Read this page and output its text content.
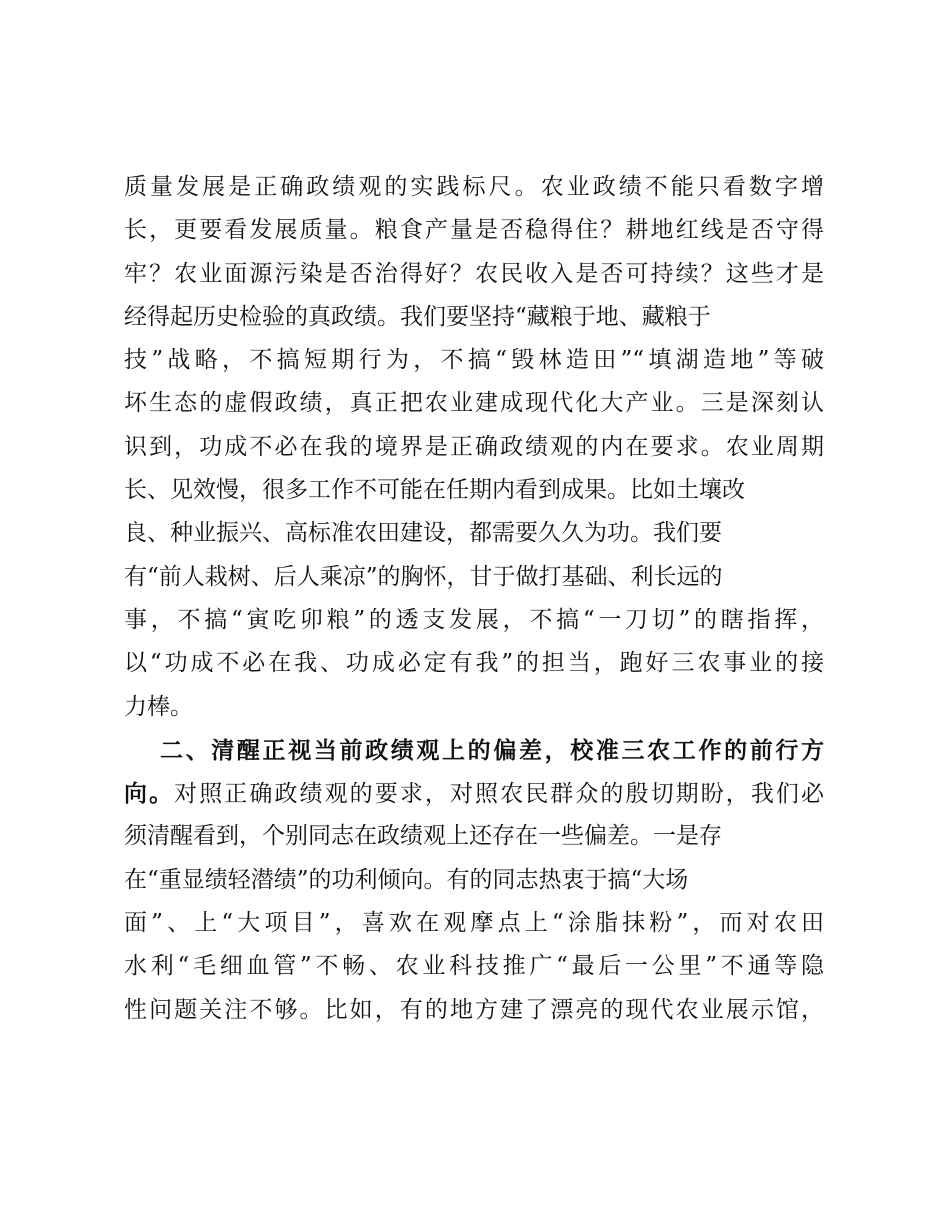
质量发展是正确政绩观的实践标尺。农业政绩不能只看数字增
长，更要看发展质量。粮食产量是否稳得住？耕地红线是否守得
牢？农业面源污染是否治得好？农民收入是否可持续？这些才是
经得起历史检验的真政绩。我们要坚持“藏粮于地、藏粮于
技”战略，不搞短期行为，不搞“毁林造田”“填湖造地”等破
坏生态的虚假政绩，真正把农业建成现代化大产业。三是深刻认
识到，功成不必在我的境界是正确政绩观的内在要求。农业周期
长、见效慢，很多工作不可能在任期内看到成果。比如土壤改
良、种业振兴、高标准农田建设，都需要久久为功。我们要
有“前人栽树、后人乘凉”的胸怀，甘于做打基础、利长远的
事，不搞“寅吃卯粮”的透支发展，不搞“一刀切”的瞎指挥，
以“功成不必在我、功成必定有我”的担当，跑好三农事业的接
力棒。
二、清醒正视当前政绩观上的偏差，校准三农工作的前行方
向。对照正确政绩观的要求，对照农民群众的殷切期盼，我们必
须清醒看到，个别同志在政绩观上还存在一些偏差。一是存
在“重显绩轻潜绩”的功利倾向。有的同志热衷于搞“大场
面”、上“大项目”，喜欢在观摩点上“涂脂抹粉”，而对农田
水利“毛细血管”不畅、农业科技推广“最后一公里”不通等隐
性问题关注不够。比如，有的地方建了漂亮的现代农业展示馆，
